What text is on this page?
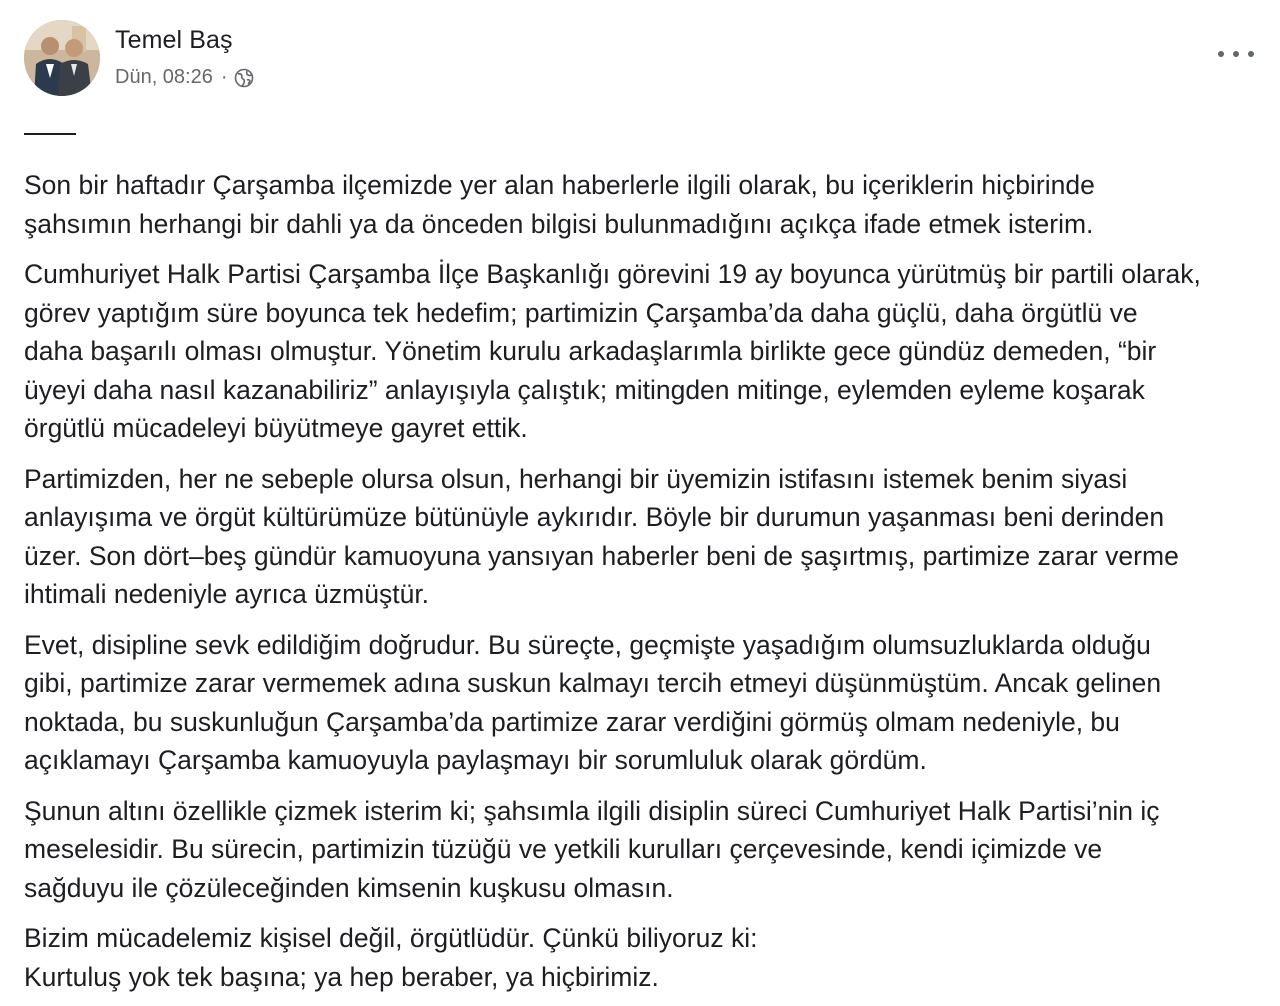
Temel Baş
Dün, 08:26 ·

Son bir haftadır Çarşamba ilçemizde yer alan haberlerle ilgili olarak, bu içeriklerin hiçbirinde
şahsımın herhangi bir dahli ya da önceden bilgisi bulunmadığını açıkça ifade etmek isterim.

Cumhuriyet Halk Partisi Çarşamba İlçe Başkanlığı görevini 19 ay boyunca yürütmüş bir partili olarak,
görev yaptığım süre boyunca tek hedefim; partimizin Çarşamba’da daha güçlü, daha örgütlü ve
daha başarılı olması olmuştur. Yönetim kurulu arkadaşlarımla birlikte gece gündüz demeden, “bir
üyeyi daha nasıl kazanabiliriz” anlayışıyla çalıştık; mitingden mitinge, eylemden eyleme koşarak
örgütlü mücadeleyi büyütmeye gayret ettik.

Partimizden, her ne sebeple olursa olsun, herhangi bir üyemizin istifasını istemek benim siyasi
anlayışıma ve örgüt kültürümüze bütünüyle aykırıdır. Böyle bir durumun yaşanması beni derinden
üzer. Son dört–beş gündür kamuoyuna yansıyan haberler beni de şaşırtmış, partimize zarar verme
ihtimali nedeniyle ayrıca üzmüştür.

Evet, disipline sevk edildiğim doğrudur. Bu süreçte, geçmişte yaşadığım olumsuzluklarda olduğu
gibi, partimize zarar vermemek adına suskun kalmayı tercih etmeyi düşünmüştüm. Ancak gelinen
noktada, bu suskunluğun Çarşamba’da partimize zarar verdiğini görmüş olmam nedeniyle, bu
açıklamayı Çarşamba kamuoyuyla paylaşmayı bir sorumluluk olarak gördüm.

Şunun altını özellikle çizmek isterim ki; şahsımla ilgili disiplin süreci Cumhuriyet Halk Partisi’nin iç
meselesidir. Bu sürecin, partimizin tüzüğü ve yetkili kurulları çerçevesinde, kendi içimizde ve
sağduyu ile çözüleceğinden kimsenin kuşkusu olmasın.

Bizim mücadelemiz kişisel değil, örgütlüdür. Çünkü biliyoruz ki:
Kurtuluş yok tek başına; ya hep beraber, ya hiçbirimiz.
